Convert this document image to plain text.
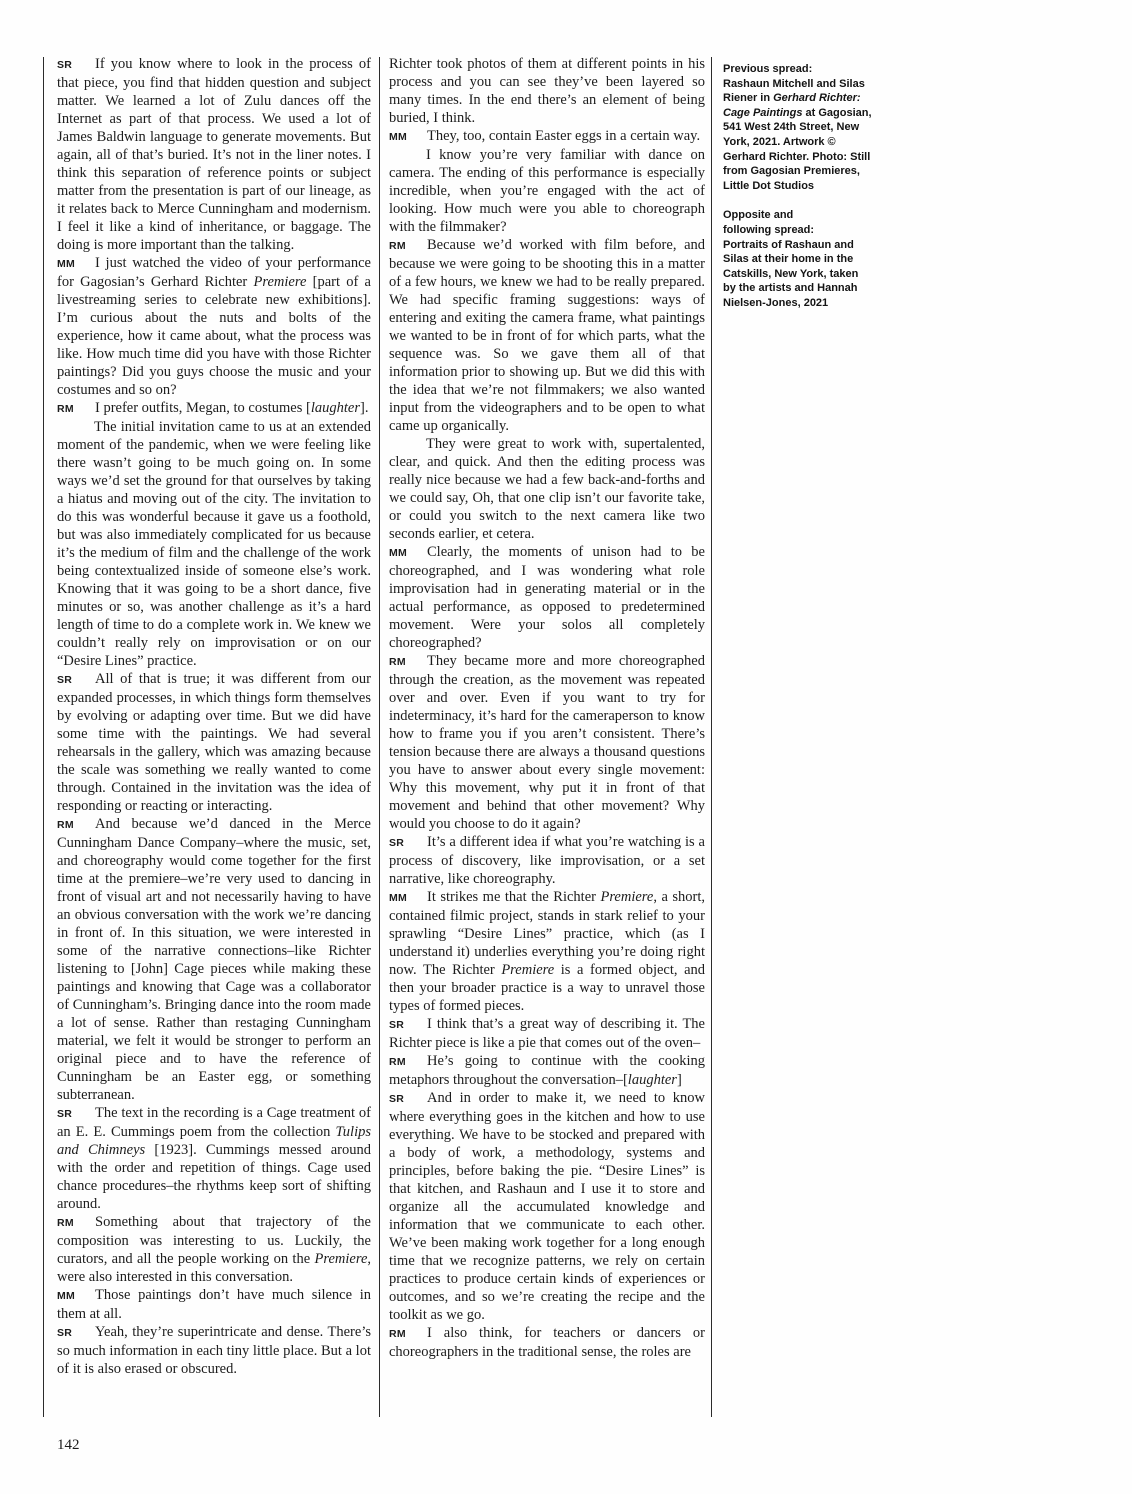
SR If you know where to look in the process of that piece, you find that hidden question and subject matter. We learned a lot of Zulu dances off the Internet as part of that process. We used a lot of James Baldwin language to generate movements. But again, all of that’s buried. It’s not in the liner notes. I think this separation of reference points or subject matter from the presentation is part of our lineage, as it relates back to Merce Cunningham and modernism. I feel it like a kind of inheritance, or baggage. The doing is more important than the talking.

MM I just watched the video of your performance for Gagosian’s Gerhard Richter Premiere [part of a livestreaming series to celebrate new exhibitions]. I’m curious about the nuts and bolts of the experience, how it came about, what the process was like. How much time did you have with those Richter paintings? Did you guys choose the music and your costumes and so on?

RM I prefer outfits, Megan, to costumes [laughter].

The initial invitation came to us at an extended moment of the pandemic, when we were feeling like there wasn’t going to be much going on. In some ways we’d set the ground for that ourselves by taking a hiatus and moving out of the city. The invitation to do this was wonderful because it gave us a foothold, but was also immediately complicated for us because it’s the medium of film and the challenge of the work being contextualized inside of someone else’s work. Knowing that it was going to be a short dance, five minutes or so, was another challenge as it’s a hard length of time to do a complete work in. We knew we couldn’t really rely on improvisation or on our “Desire Lines” practice.

SR All of that is true; it was different from our expanded processes, in which things form themselves by evolving or adapting over time. But we did have some time with the paintings. We had several rehearsals in the gallery, which was amazing because the scale was something we really wanted to come through. Contained in the invitation was the idea of responding or reacting or interacting.

RM And because we’d danced in the Merce Cunningham Dance Company–where the music, set, and choreography would come together for the first time at the premiere–we’re very used to dancing in front of visual art and not necessarily having to have an obvious conversation with the work we’re dancing in front of. In this situation, we were interested in some of the narrative connections–like Richter listening to [John] Cage pieces while making these paintings and knowing that Cage was a collaborator of Cunningham’s. Bringing dance into the room made a lot of sense. Rather than restaging Cunningham material, we felt it would be stronger to perform an original piece and to have the reference of Cunningham be an Easter egg, or something subterranean.

SR The text in the recording is a Cage treatment of an E. E. Cummings poem from the collection Tulips and Chimneys [1923]. Cummings messed around with the order and repetition of things. Cage used chance procedures–the rhythms keep sort of shifting around.

RM Something about that trajectory of the composition was interesting to us. Luckily, the curators, and all the people working on the Premiere, were also interested in this conversation.

MM Those paintings don’t have much silence in them at all.

SR Yeah, they’re superintricate and dense. There’s so much information in each tiny little place. But a lot of it is also erased or obscured.

Richter took photos of them at different points in his process and you can see they’ve been layered so many times. In the end there’s an element of being buried, I think.

MM They, too, contain Easter eggs in a certain way.

I know you’re very familiar with dance on camera. The ending of this performance is especially incredible, when you’re engaged with the act of looking. How much were you able to choreograph with the filmmaker?

RM Because we’d worked with film before, and because we were going to be shooting this in a matter of a few hours, we knew we had to be really prepared. We had specific framing suggestions: ways of entering and exiting the camera frame, what paintings we wanted to be in front of for which parts, what the sequence was. So we gave them all of that information prior to showing up. But we did this with the idea that we’re not filmmakers; we also wanted input from the videographers and to be open to what came up organically.

They were great to work with, supertalented, clear, and quick. And then the editing process was really nice because we had a few back-and-forths and we could say, Oh, that one clip isn’t our favorite take, or could you switch to the next camera like two seconds earlier, et cetera.

MM Clearly, the moments of unison had to be choreographed, and I was wondering what role improvisation had in generating material or in the actual performance, as opposed to predetermined movement. Were your solos all completely choreographed?

RM They became more and more choreographed through the creation, as the movement was repeated over and over. Even if you want to try for indeterminacy, it’s hard for the cameraperson to know how to frame you if you aren’t consistent. There’s tension because there are always a thousand questions you have to answer about every single movement: Why this movement, why put it in front of that movement and behind that other movement? Why would you choose to do it again?

SR It’s a different idea if what you’re watching is a process of discovery, like improvisation, or a set narrative, like choreography.

MM It strikes me that the Richter Premiere, a short, contained filmic project, stands in stark relief to your sprawling “Desire Lines” practice, which (as I understand it) underlies everything you’re doing right now. The Richter Premiere is a formed object, and then your broader practice is a way to unravel those types of formed pieces.

SR I think that’s a great way of describing it. The Richter piece is like a pie that comes out of the oven–

RM He’s going to continue with the cooking metaphors throughout the conversation–[laughter]

SR And in order to make it, we need to know where everything goes in the kitchen and how to use everything. We have to be stocked and prepared with a body of work, a methodology, systems and principles, before baking the pie. “Desire Lines” is that kitchen, and Rashaun and I use it to store and organize all the accumulated knowledge and information that we communicate to each other. We’ve been making work together for a long enough time that we recognize patterns, we rely on certain practices to produce certain kinds of experiences or outcomes, and so we’re creating the recipe and the toolkit as we go.

RM I also think, for teachers or dancers or choreographers in the traditional sense, the roles are

Previous spread:
Rashaun Mitchell and Silas
Riener in Gerhard Richter:
Cage Paintings at Gagosian,
541 West 24th Street, New
York, 2021. Artwork ©
Gerhard Richter. Photo: Still
from Gagosian Premieres,
Little Dot Studios
Opposite and
following spread:
Portraits of Rashaun and
Silas at their home in the
Catskills, New York, taken
by the artists and Hannah
Nielsen-Jones, 2021
142
